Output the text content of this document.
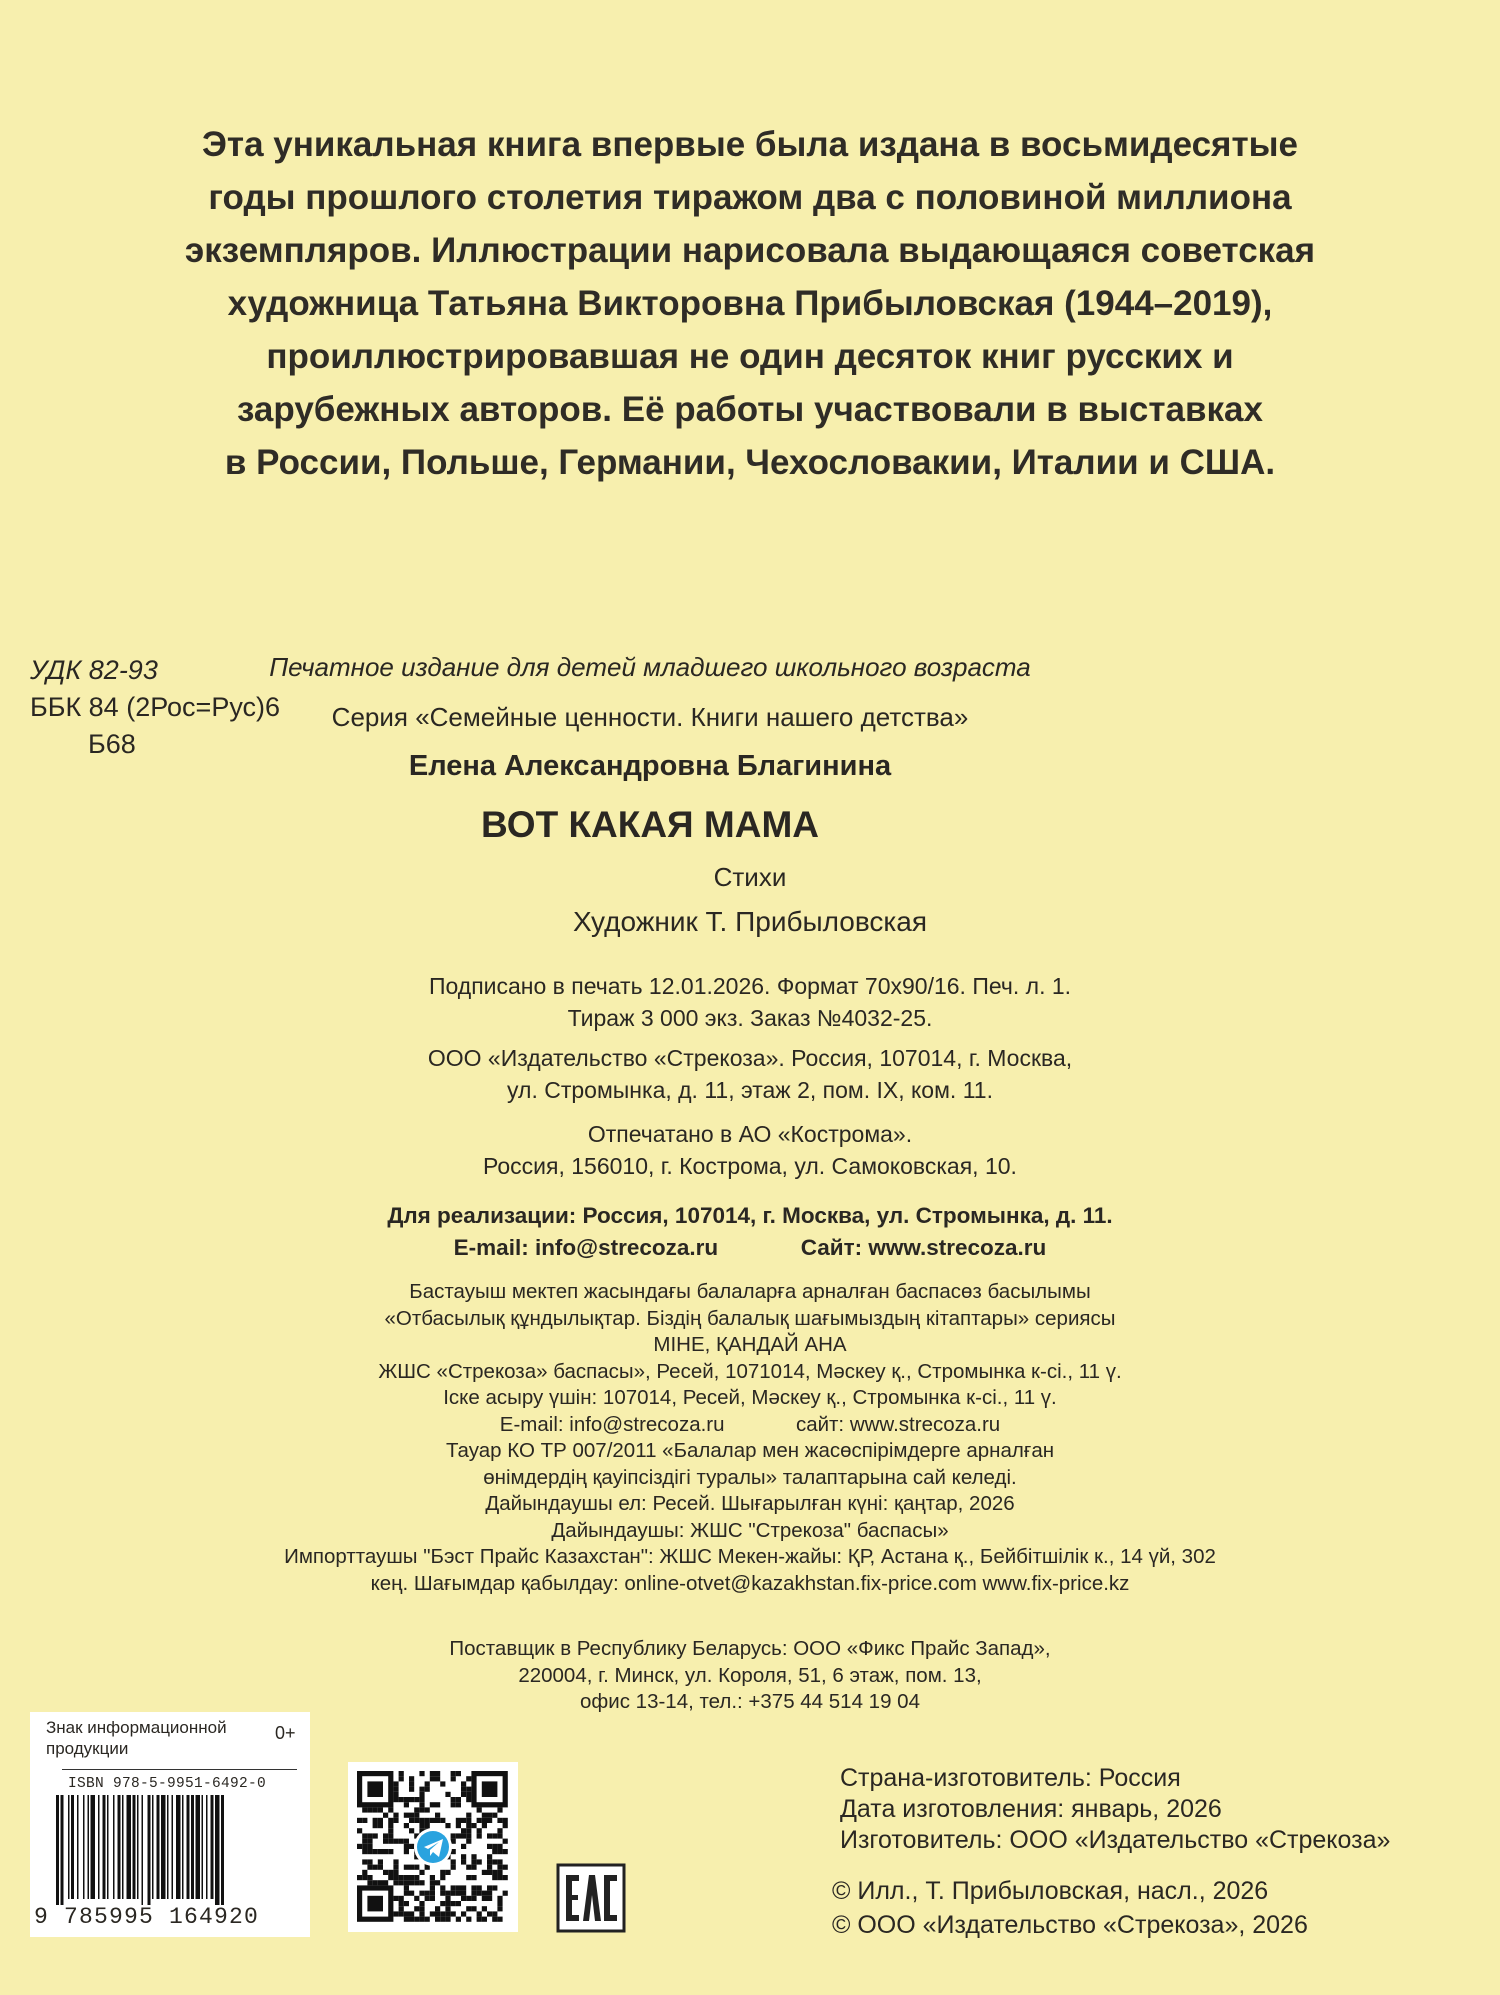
Эта уникальная книга впервые была издана в восьмидесятые
годы прошлого столетия тиражом два с половиной миллиона
экземпляров. Иллюстрации нарисовала выдающаяся советская
художница Татьяна Викторовна Прибыловская (1944–2019),
проиллюстрировавшая не один десяток книг русских и
зарубежных авторов. Её работы участвовали в выставках
в России, Польше, Германии, Чехословакии, Италии и США.
УДК 82-93
ББК 84 (2Рос=Рус)6
Б68
Печатное издание для детей младшего школьного возраста
Серия «Семейные ценности. Книги нашего детства»
Елена Александровна Благинина
ВОТ КАКАЯ МАМА
Стихи
Художник Т. Прибыловская
Подписано в печать 12.01.2026. Формат 70х90/16. Печ. л. 1.
Тираж 3 000 экз. Заказ №4032-25.
ООО «Издательство «Стрекоза». Россия, 107014, г. Москва,
ул. Стромынка, д. 11, этаж 2, пом. IX, ком. 11.
Отпечатано в АО «Кострома».
Россия, 156010, г. Кострома, ул. Самоковская, 10.
Для реализации: Россия, 107014, г. Москва, ул. Стромынка, д. 11.
E-mail: info@strecoza.ru	Сайт: www.strecoza.ru
Бастауыш мектеп жасындағы балаларға арналған баспасөз басылымы
«Отбасылық құндылықтар. Біздің балалық шағымыздың кітаптары» сериясы
МІНЕ, ҚАНДАЙ АНА
ЖШС «Стрекоза» баспасы», Ресей, 1071014, Мәскеу қ., Стромынка к-сі., 11 ү.
Іске асыру үшін: 107014, Ресей, Мәскеу қ., Стромынка к-сі., 11 ү.
E-mail: info@strecoza.ru	сайт: www.strecoza.ru
Тауар КО ТР 007/2011 «Балалар мен жасөспірімдерге арналған
өнімдердің қауіпсіздігі туралы» талаптарына сай келеді.
Дайындаушы ел: Ресей. Шығарылған күні: қаңтар, 2026
Дайындаушы: ЖШС "Стрекоза" баспасы»
Импорттаушы "Бэст Прайс Казахстан": ЖШС Мекен-жайы: ҚР, Астана қ., Бейбітшілік к., 14 үй, 302
кең. Шағымдар қабылдау: online-otvet@kazakhstan.fix-price.com www.fix-price.kz
Поставщик в Республику Беларусь: ООО «Фикс Прайс Запад»,
220004, г. Минск, ул. Короля, 51, 6 этаж, пом. 13,
офис 13-14, тел.: +375 44 514 19 04
Знак информационной продукции
0+
ISBN 978-5-9951-6492-0
9 785995 164920
Страна-изготовитель: Россия
Дата изготовления: январь, 2026
Изготовитель: ООО «Издательство «Стрекоза»
© Илл., Т. Прибыловская, насл., 2026
© ООО «Издательство «Стрекоза», 2026
